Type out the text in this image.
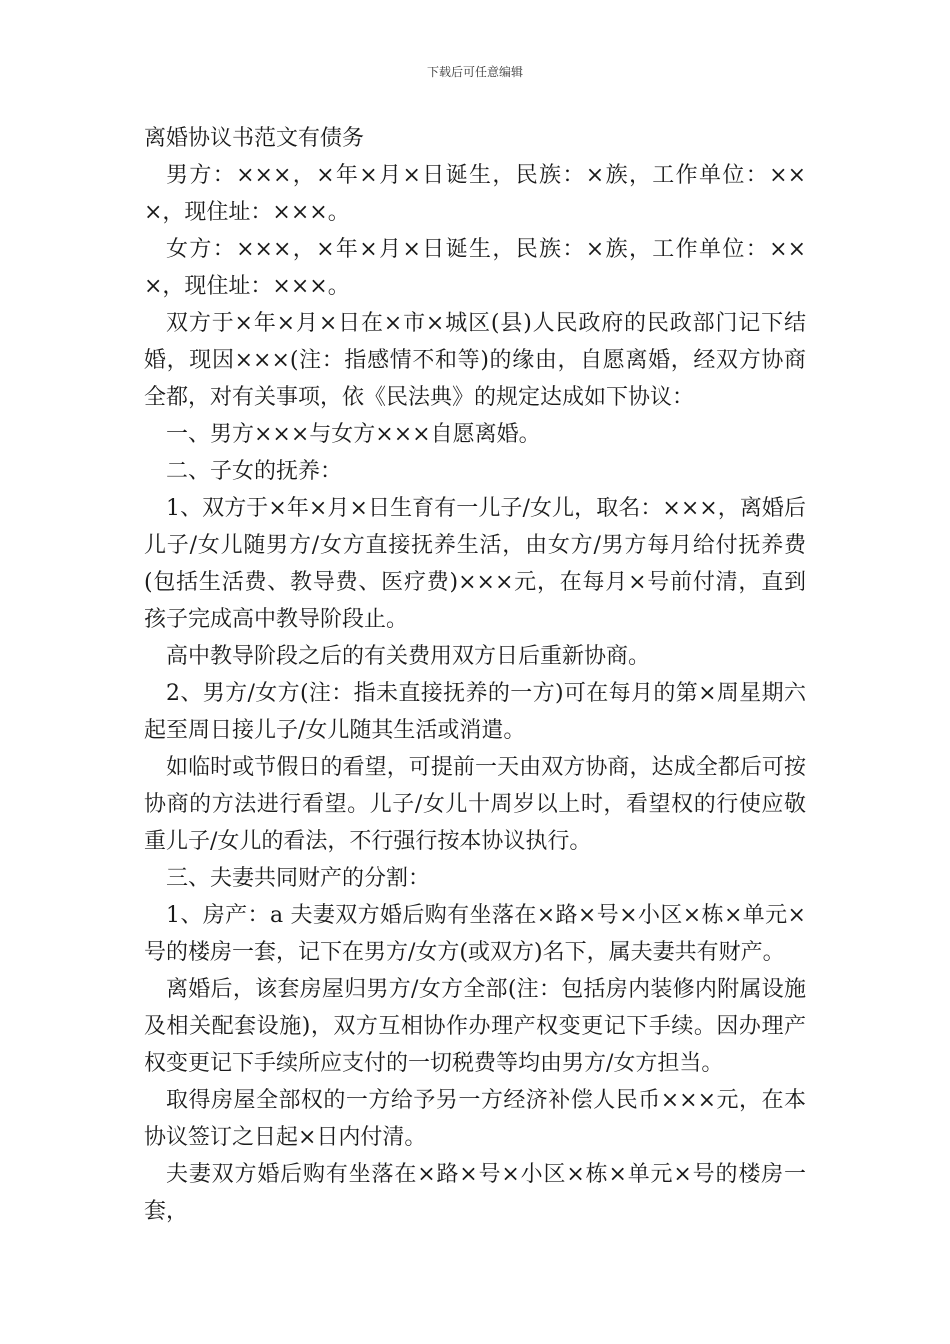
下载后可任意编辑
离婚协议书范文有债务

男方：×××，×年×月×日诞生，民族：×族，工作单位：×××，现住址：×××。

女方：×××，×年×月×日诞生，民族：×族，工作单位：×××，现住址：×××。

双方于×年×月×日在×市×城区(县)人民政府的民政部门记下结婚，现因×××(注：指感情不和等)的缘由，自愿离婚，经双方协商全都，对有关事项，依《民法典》的规定达成如下协议：

一、男方×××与女方×××自愿离婚。

二、子女的抚养：

1、双方于×年×月×日生育有一儿子/女儿，取名：×××，离婚后儿子/女儿随男方/女方直接抚养生活，由女方/男方每月给付抚养费(包括生活费、教导费、医疗费)×××元，在每月×号前付清，直到孩子完成高中教导阶段止。

高中教导阶段之后的有关费用双方日后重新协商。

2、男方/女方(注：指未直接抚养的一方)可在每月的第×周星期六起至周日接儿子/女儿随其生活或消遣。

如临时或节假日的看望，可提前一天由双方协商，达成全都后可按协商的方法进行看望。儿子/女儿十周岁以上时，看望权的行使应敬重儿子/女儿的看法，不行强行按本协议执行。

三、夫妻共同财产的分割：

1、房产：a 夫妻双方婚后购有坐落在×路×号×小区×栋×单元×号的楼房一套，记下在男方/女方(或双方)名下，属夫妻共有财产。

离婚后，该套房屋归男方/女方全部(注：包括房内装修内附属设施及相关配套设施)，双方互相协作办理产权变更记下手续。因办理产权变更记下手续所应支付的一切税费等均由男方/女方担当。

取得房屋全部权的一方给予另一方经济补偿人民币×××元，在本协议签订之日起×日内付清。

夫妻双方婚后购有坐落在×路×号×小区×栋×单元×号的楼房一套，
